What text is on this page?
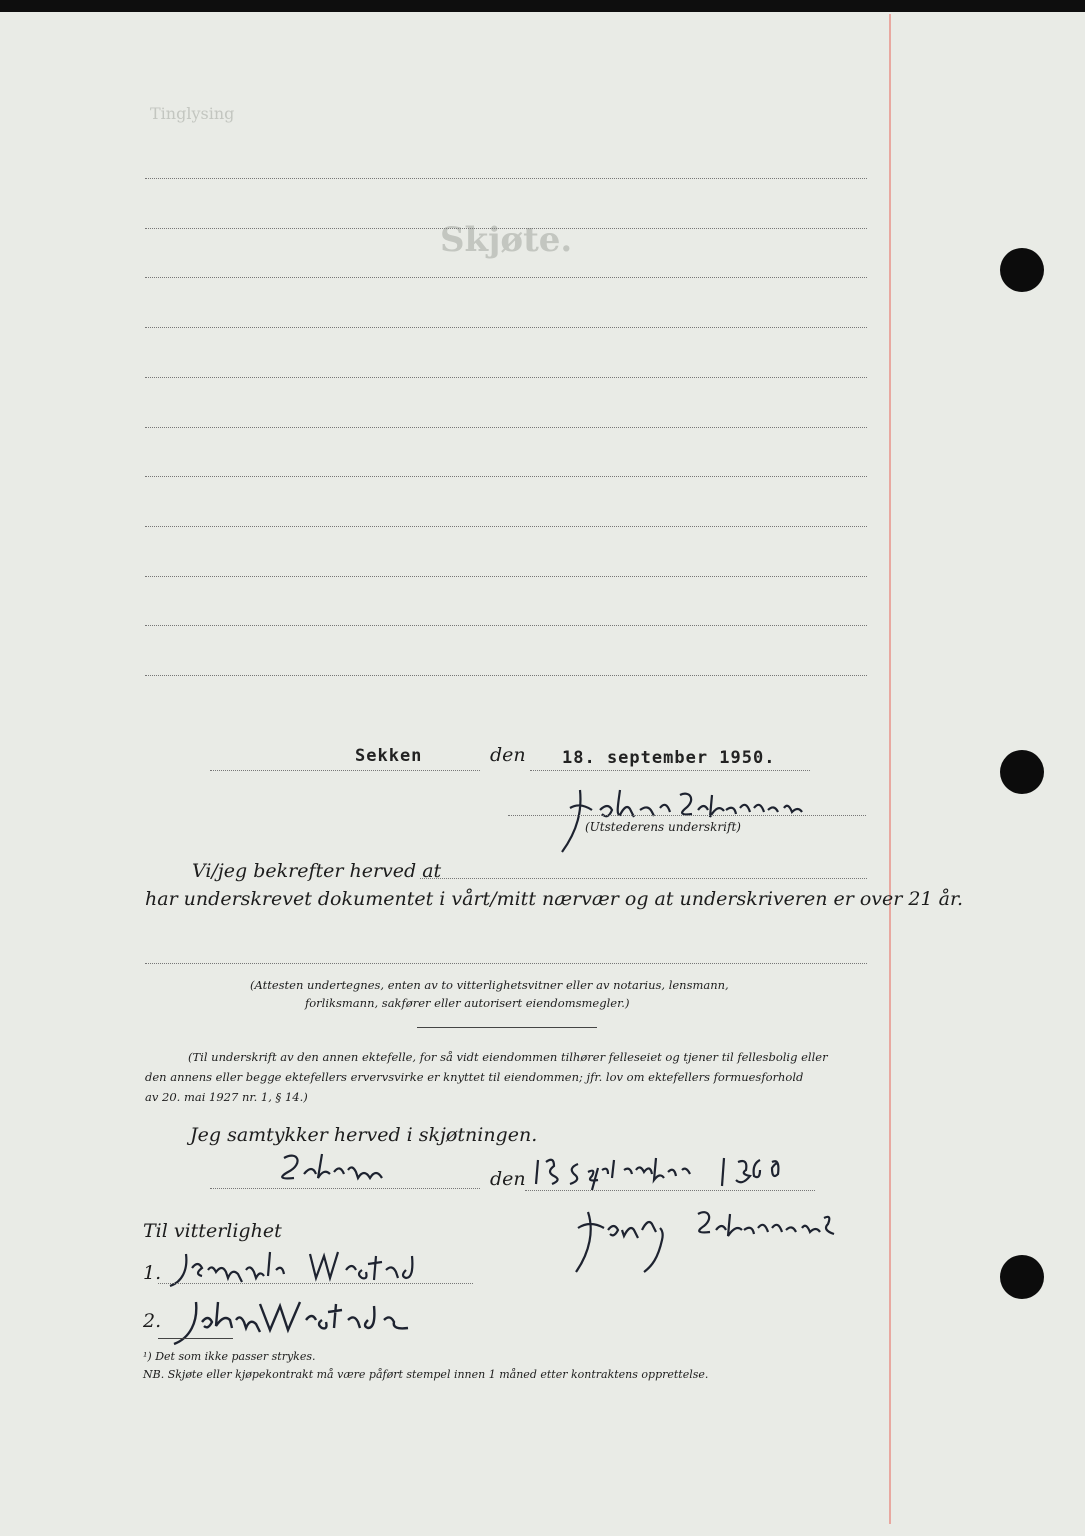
Tinglysing
Skjøte.
Sekken	den 18. september 1950.
(Utstederens underskrift)
Vi/jeg bekrefter herved at
har underskrevet dokumentet i vårt/mitt nærvær og at underskriveren er over 21 år.
(Attesten undertegnes, enten av to vitterlighetsvitner eller av notarius, lensmann,
forliksmann, sakfører eller autorisert eiendomsmegler.)
(Til underskrift av den annen ektefelle, for så vidt eiendommen tilhører felleseiet og tjener til fellesbolig eller
den annens eller begge ektefellers ervervsvirke er knyttet til eiendommen; jfr. lov om ektefellers formuesforhold
av 20. mai 1927 nr. 1, § 14.)
Jeg samtykker herved i skjøtningen.
den
Til vitterlighet
1.
2.
¹) Det som ikke passer strykes.
NB. Skjøte eller kjøpekontrakt må være påført stempel innen 1 måned etter kontraktens opprettelse.
